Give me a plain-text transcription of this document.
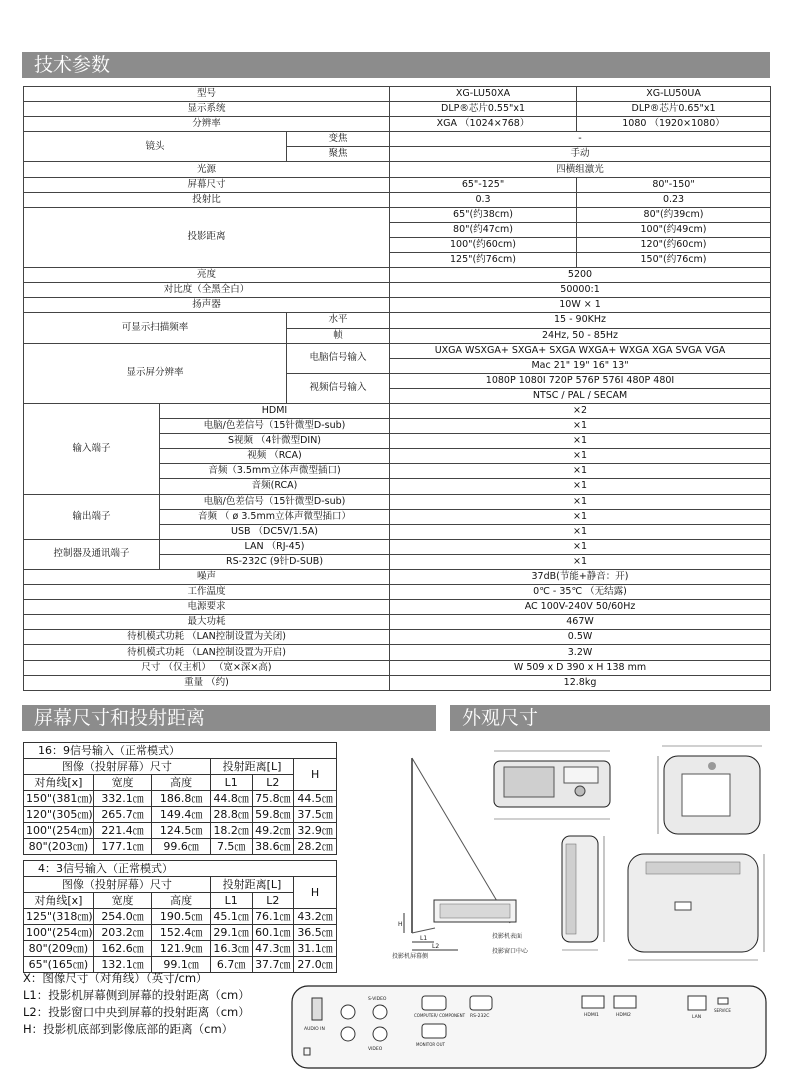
技术参数
型号			XG-LU50XA	XG-LU50UA
显示系统			DLP®芯片0.55"x1	DLP®芯片0.65"x1
分辨率			XGA （1024×768）	1080 （1920×1080）
镜头		变焦	-	
		聚焦	手动	
光源			四横组激光	
屏幕尺寸			65"-125"	80"-150"
投射比			0.3	0.23
投影距离			65"(约38cm)	80"(约39cm)
			80"(约47cm)	100"(约49cm)
			100"(约60cm)	120"(约60cm)
			125"(约76cm)	150"(约76cm)
亮度			5200	
对比度（全黑全白）			50000:1	
扬声器			10W × 1	
可显示扫描频率		水平	15 - 90KHz	
		帧	24Hz, 50 - 85Hz	
显示屏分辨率		电脑信号输入	UXGA WSXGA+ SXGA+ SXGA WXGA+ WXGA XGA SVGA VGA	
			Mac 21" 19" 16" 13"	
		视频信号输入	1080P 1080I 720P 576P 576I 480P 480I	
			NTSC / PAL / SECAM	
输入端子	HDMI		×2	
	电脑/色差信号（15针微型D-sub)		×1	
	S视频 （4针微型DIN)		×1	
	视频 （RCA)		×1	
	音频（3.5mm立体声微型插口)		×1	
	音频(RCA)		×1	
输出端子	电脑/色差信号（15针微型D-sub)		×1	
	音频 （ ø 3.5mm立体声微型插口）		×1	
	USB （DC5V/1.5A)		×1	
控制器及通讯端子	LAN （RJ-45)		×1	
	RS-232C (9针D-SUB)		×1	
噪声			37dB(节能+静音：开)	
工作温度			0℃ - 35℃ （无结露)	
电源要求			AC 100V-240V 50/60Hz	
最大功耗			467W	
待机模式功耗 （LAN控制设置为关闭)			0.5W	
待机模式功耗 （LAN控制设置为开启)			3.2W	
尺寸 （仅主机） （宽×深×高)			W 509 x D 390 x H 138 mm	
重量 （约)			12.8kg	
屏幕尺寸和投射距离	外观尺寸
16：9信号输入（正常模式）					
图像（投射屏幕）尺寸			投射距离[L]		H
对角线[x]	宽度	高度	L1	L2	
150"(381㎝)	332.1㎝	186.8㎝	44.8㎝	75.8㎝	44.5㎝
120"(305㎝)	265.7㎝	149.4㎝	28.8㎝	59.8㎝	37.5㎝
100"(254㎝)	221.4㎝	124.5㎝	18.2㎝	49.2㎝	32.9㎝
80"(203㎝)	177.1㎝	99.6㎝	7.5㎝	38.6㎝	28.2㎝
4：3信号输入（正常模式）					
图像（投射屏幕）尺寸			投射距离[L]		H
对角线[x]	宽度	高度	L1	L2	
125"(318㎝)	254.0㎝	190.5㎝	45.1㎝	76.1㎝	43.2㎝
100"(254㎝)	203.2㎝	152.4㎝	29.1㎝	60.1㎝	36.5㎝
80"(209㎝)	162.6㎝	121.9㎝	16.3㎝	47.3㎝	31.1㎝
65"(165㎝)	132.1㎝	99.1㎝	6.7㎝	37.7㎝	27.0㎝
X：图像尺寸（对角线）（英寸/cm）
L1：投影机屏幕侧到屏幕的投射距离（cm）
L2：投影窗口中央到屏幕的投射距离（cm）
H：投影机底部到影像底部的距离（cm）
H
L1
L2
投影机屏幕侧
投影机表面
投影窗口中心
AUDIO IN
VIDEO
S-VIDEO
COMPUTER/ COMPONENT
MONITOR OUT
RS-232C	HDMI1	HDMI2	LAN
SERVICE
